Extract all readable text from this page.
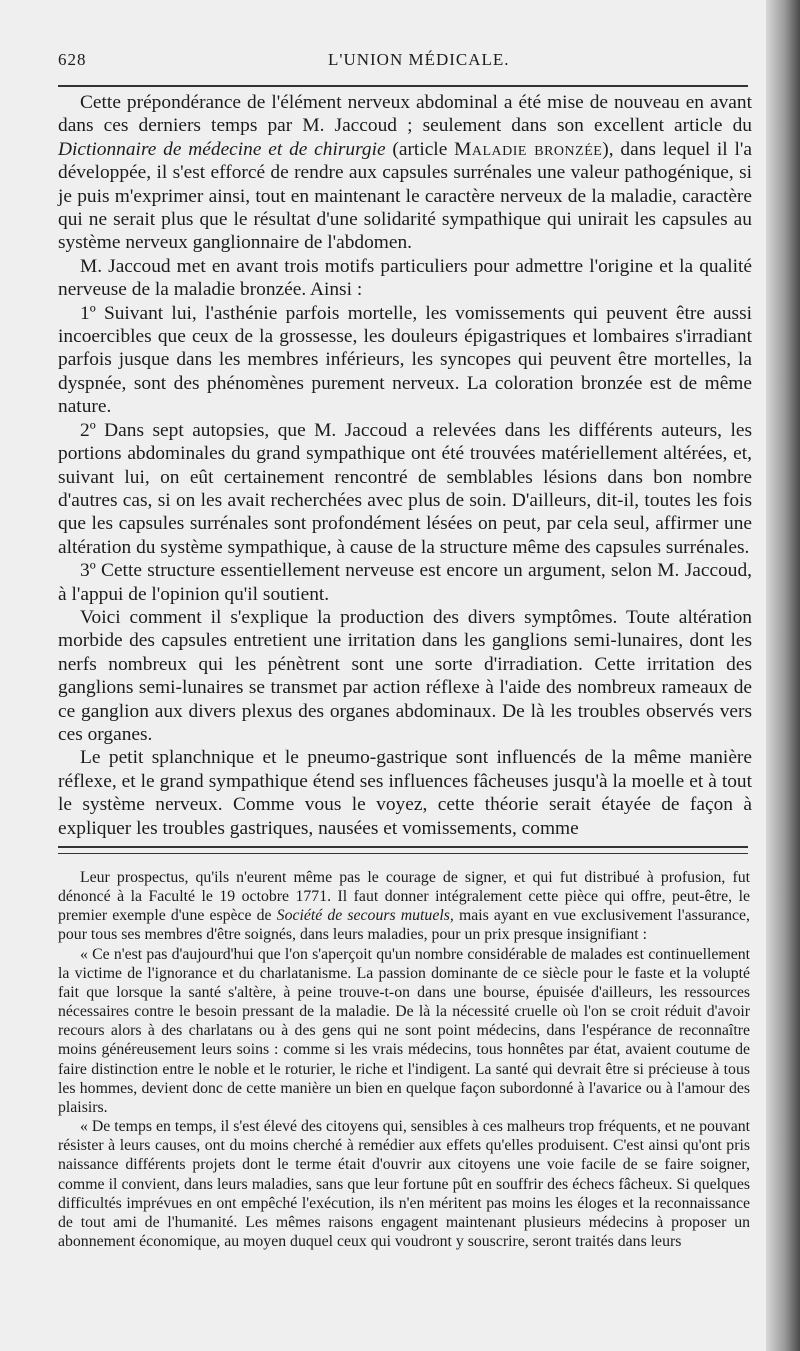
628	L'UNION MÉDICALE.

Cette prépondérance de l'élément nerveux abdominal a été mise de nouveau en avant dans ces derniers temps par M. Jaccoud ; seulement dans son excellent article du Dictionnaire de médecine et de chirurgie (article Maladie bronzée), dans lequel il l'a développée, il s'est efforcé de rendre aux capsules surrénales une valeur pathogénique, si je puis m'exprimer ainsi, tout en maintenant le caractère nerveux de la maladie, caractère qui ne serait plus que le résultat d'une solidarité sympathique qui unirait les capsules au système nerveux ganglionnaire de l'abdomen.

M. Jaccoud met en avant trois motifs particuliers pour admettre l'origine et la qualité nerveuse de la maladie bronzée. Ainsi :

1º Suivant lui, l'asthénie parfois mortelle, les vomissements qui peuvent être aussi incoercibles que ceux de la grossesse, les douleurs épigastriques et lombaires s'irradiant parfois jusque dans les membres inférieurs, les syncopes qui peuvent être mortelles, la dyspnée, sont des phénomènes purement nerveux. La coloration bronzée est de même nature.

2º Dans sept autopsies, que M. Jaccoud a relevées dans les différents auteurs, les portions abdominales du grand sympathique ont été trouvées matériellement altérées, et, suivant lui, on eût certainement rencontré de semblables lésions dans bon nombre d'autres cas, si on les avait recherchées avec plus de soin. D'ailleurs, dit-il, toutes les fois que les capsules surrénales sont profondément lésées on peut, par cela seul, affirmer une altération du système sympathique, à cause de la structure même des capsules surrénales.

3º Cette structure essentiellement nerveuse est encore un argument, selon M. Jaccoud, à l'appui de l'opinion qu'il soutient.

Voici comment il s'explique la production des divers symptômes. Toute altération morbide des capsules entretient une irritation dans les ganglions semi-lunaires, dont les nerfs nombreux qui les pénètrent sont une sorte d'irradiation. Cette irritation des ganglions semi-lunaires se transmet par action réflexe à l'aide des nombreux rameaux de ce ganglion aux divers plexus des organes abdominaux. De là les troubles observés vers ces organes.

Le petit splanchnique et le pneumo-gastrique sont influencés de la même manière réflexe, et le grand sympathique étend ses influences fâcheuses jusqu'à la moelle et à tout le système nerveux. Comme vous le voyez, cette théorie serait étayée de façon à expliquer les troubles gastriques, nausées et vomissements, comme

Leur prospectus, qu'ils n'eurent même pas le courage de signer, et qui fut distribué à profusion, fut dénoncé à la Faculté le 19 octobre 1771. Il faut donner intégralement cette pièce qui offre, peut-être, le premier exemple d'une espèce de Société de secours mutuels, mais ayant en vue exclusivement l'assurance, pour tous ses membres d'être soignés, dans leurs maladies, pour un prix presque insignifiant :

« Ce n'est pas d'aujourd'hui que l'on s'aperçoit qu'un nombre considérable de malades est continuellement la victime de l'ignorance et du charlatanisme. La passion dominante de ce siècle pour le faste et la volupté fait que lorsque la santé s'altère, à peine trouve-t-on dans une bourse, épuisée d'ailleurs, les ressources nécessaires contre le besoin pressant de la maladie. De là la nécessité cruelle où l'on se croit réduit d'avoir recours alors à des charlatans ou à des gens qui ne sont point médecins, dans l'espérance de reconnaître moins généreusement leurs soins : comme si les vrais médecins, tous honnêtes par état, avaient coutume de faire distinction entre le noble et le roturier, le riche et l'indigent. La santé qui devrait être si précieuse à tous les hommes, devient donc de cette manière un bien en quelque façon subordonné à l'avarice ou à l'amour des plaisirs.

« De temps en temps, il s'est élevé des citoyens qui, sensibles à ces malheurs trop fréquents, et ne pouvant résister à leurs causes, ont du moins cherché à remédier aux effets qu'elles produisent. C'est ainsi qu'ont pris naissance différents projets dont le terme était d'ouvrir aux citoyens une voie facile de se faire soigner, comme il convient, dans leurs maladies, sans que leur fortune pût en souffrir des échecs fâcheux. Si quelques difficultés imprévues en ont empêché l'exécution, ils n'en méritent pas moins les éloges et la reconnaissance de tout ami de l'humanité. Les mêmes raisons engagent maintenant plusieurs médecins à proposer un abonnement économique, au moyen duquel ceux qui voudront y souscrire, seront traités dans leurs
